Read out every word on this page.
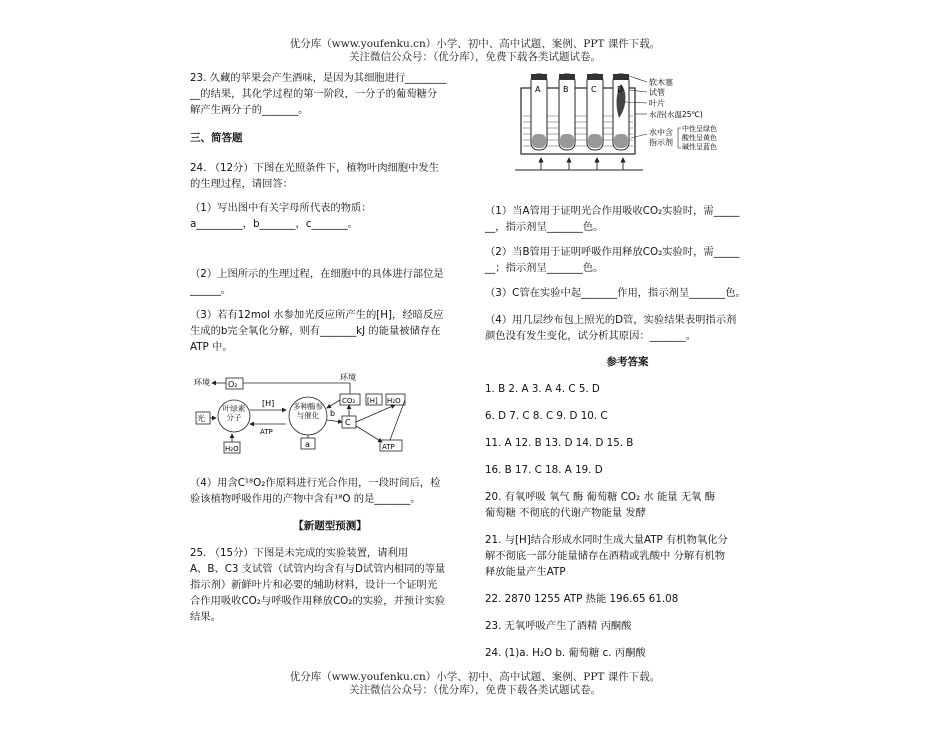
优分库（www.youfenku.cn）小学、初中、高中试题、案例、PPT 课件下载。
关注微信公众号：（优分库），免费下载各类试题试卷。

23. 久藏的苹果会产生酒味，是因为其细胞进行________
__的结果，其化学过程的第一阶段，一分子的葡萄糖分
解产生两分子的_______。

三、简答题

24. （12分）下图在光照条件下，植物叶肉细胞中发生
的生理过程，请回答：

（1）写出图中有关字母所代表的物质：
a_________，b_______，c_______。

（2）上图所示的生理过程，在细胞中的具体进行部位是
______。

（3）若有12mol 水参加光反应所产生的[H]，经暗反应
生成的b完全氧化分解，则有_______kJ 的能量被储存在
ATP 中。

环境 O₂
光
叶绿素分子
[H]
ATP
H₂O
多种酶参与催化
a
b
环境
CO₂
C
[H] H₂O
ATP

（4）用含C¹⁸O₂作原料进行光合作用，一段时间后，检
验该植物呼吸作用的产物中含有¹⁸O 的是_______。

【新题型预测】

25. （15分）下图是未完成的实验装置，请利用
A、B、C3 支试管（试管内均含有与D试管内相同的等量
指示剂）新鲜叶片和必要的辅助材料，设计一个证明光
合作用吸收CO₂与呼吸作用释放CO₂的实验，并预计实验
结果。

A	B	C	D
软木塞
试管
叶片
水浴(水温25℃)
水中含
指示剂
中性呈绿色
酸性呈黄色
碱性呈蓝色

（1）当A管用于证明光合作用吸收CO₂实验时，需_____
__，指示剂呈_______色。

（2）当B管用于证明呼吸作用释放CO₂实验时，需_____
__；指示剂呈_______色。

（3）C管在实验中起_______作用，指示剂呈_______色。

（4）用几层纱布包上照光的D管，实验结果表明指示剂
颜色没有发生变化，试分析其原因：_______。

参考答案

1. B 2. A 3. A 4. C 5. D

6. D 7. C 8. C 9. D 10. C

11. A 12. B 13. D 14. D 15. B

16. B 17. C 18. A 19. D

20. 有氧呼吸 氧气 酶 葡萄糖 CO₂ 水 能量 无氧 酶
葡萄糖 不彻底的代谢产物能量 发酵

21. 与[H]结合形成水同时生成大量ATP 有机物氧化分
解不彻底一部分能量储存在酒精或乳酸中 分解有机物
释放能量产生ATP

22. 2870 1255 ATP 热能 196.65 61.08

23. 无氧呼吸产生了酒精 丙酮酸

24. (1)a. H₂O b. 葡萄糖 c. 丙酮酸

优分库（www.youfenku.cn）小学、初中、高中试题、案例、PPT 课件下载。
关注微信公众号：（优分库），免费下载各类试题试卷。
